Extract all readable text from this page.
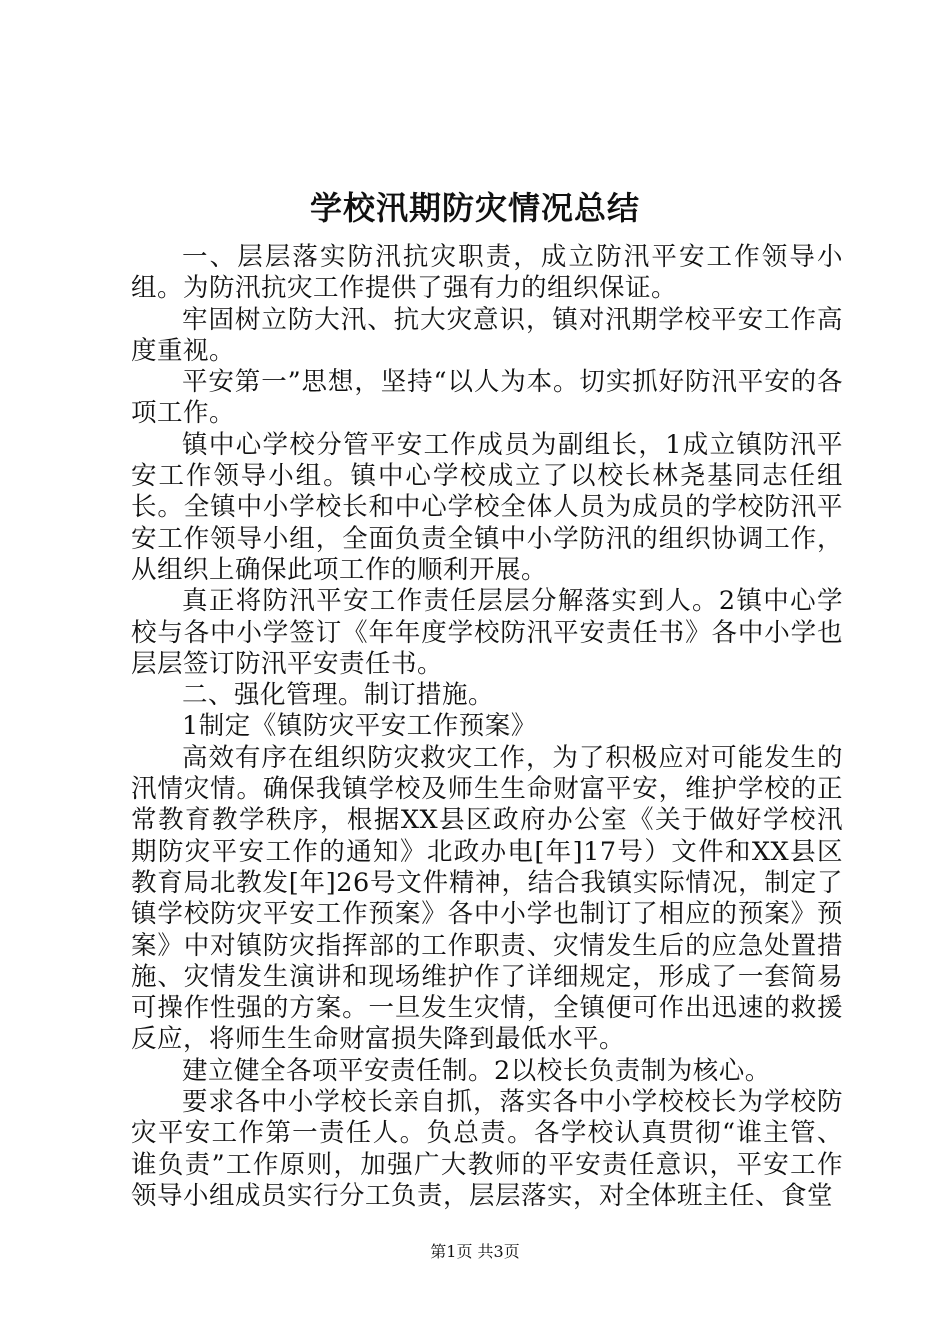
学校汛期防灾情况总结

一、层层落实防汛抗灾职责，成立防汛平安工作领导小组。为防汛抗灾工作提供了强有力的组织保证。

牢固树立防大汛、抗大灾意识，镇对汛期学校平安工作高度重视。

平安第一”思想，坚持“以人为本。切实抓好防汛平安的各项工作。

镇中心学校分管平安工作成员为副组长，1成立镇防汛平安工作领导小组。镇中心学校成立了以校长林尧基同志任组长。全镇中小学校长和中心学校全体人员为成员的学校防汛平安工作领导小组，全面负责全镇中小学防汛的组织协调工作，从组织上确保此项工作的顺利开展。

真正将防汛平安工作责任层层分解落实到人。2镇中心学校与各中小学签订《年年度学校防汛平安责任书》各中小学也层层签订防汛平安责任书。

二、强化管理。制订措施。

1制定《镇防灾平安工作预案》

高效有序在组织防灾救灾工作，为了积极应对可能发生的汛情灾情。确保我镇学校及师生生命财富平安，维护学校的正常教育教学秩序，根据XX县区政府办公室《关于做好学校汛期防灾平安工作的通知》北政办电[年]17号）文件和XX县区教育局北教发[年]26号文件精神，结合我镇实际情况，制定了镇学校防灾平安工作预案》各中小学也制订了相应的预案》预案》中对镇防灾指挥部的工作职责、灾情发生后的应急处置措施、灾情发生演讲和现场维护作了详细规定，形成了一套简易可操作性强的方案。一旦发生灾情，全镇便可作出迅速的救援反应，将师生生命财富损失降到最低水平。

建立健全各项平安责任制。2以校长负责制为核心。

要求各中小学校长亲自抓，落实各中小学校校长为学校防灾平安工作第一责任人。负总责。各学校认真贯彻“谁主管、谁负责”工作原则，加强广大教师的平安责任意识，平安工作领导小组成员实行分工负责，层层落实，对全体班主任、食堂

第1页 共3页
